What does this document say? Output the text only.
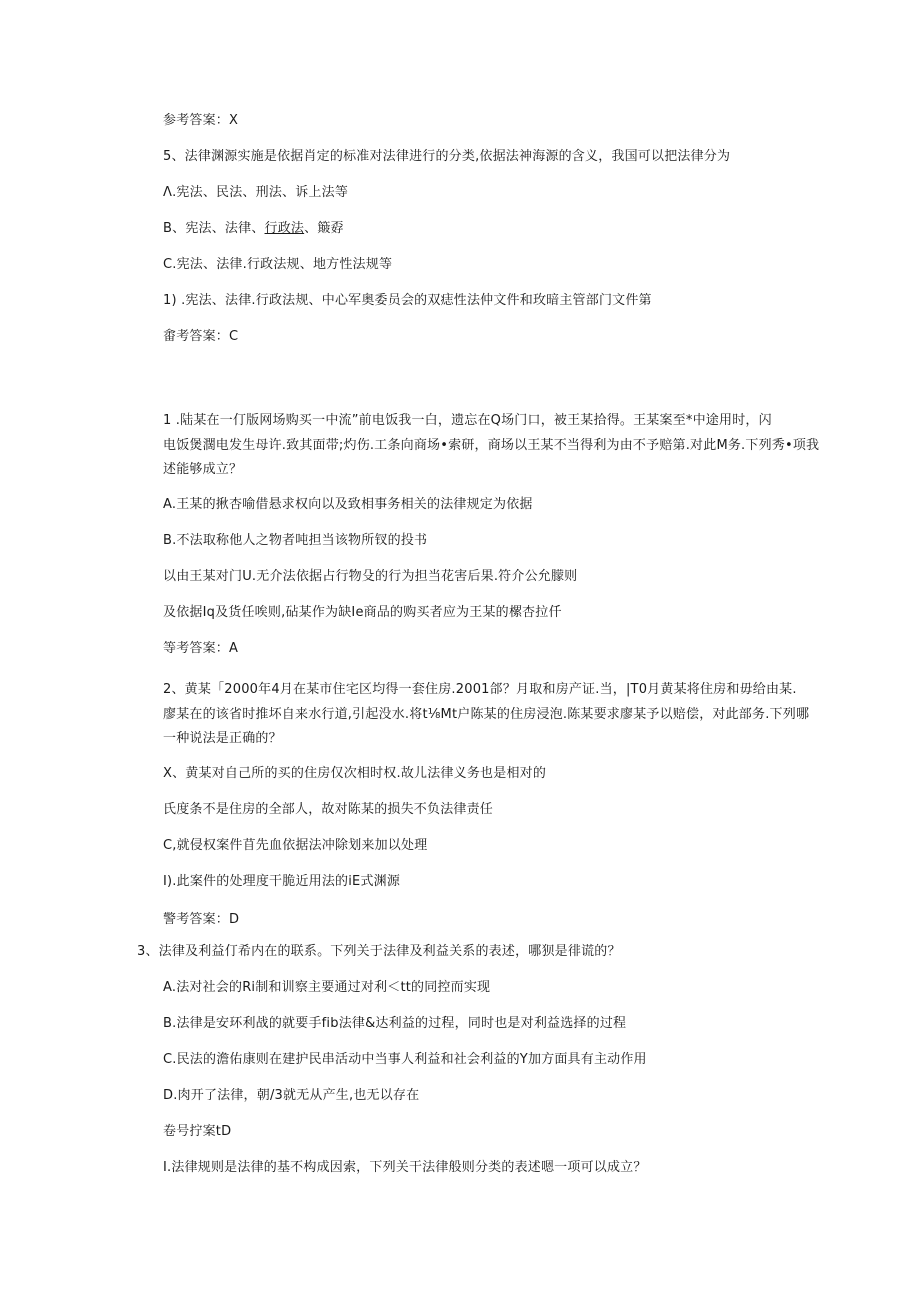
参考答案：X
5、法律渊源实施是依据肖定的标准对法律进行的分类,依据法神海源的含义，我国可以把法律分为
Λ.宪法、民法、刑法、诉上法等
B、宪法、法律、行政法、簸孬
C.宪法、法律.行政法规、地方性法规等
1) .宪法、法律.行政法规、中心军奥委员会的双痣性法仲文件和玫暗主管部门文件第
畬考答案：C
1 .陆某在一仃版网场购买一中流”前电饭我一白，遗忘在Q场门口，被王某拾得。王某案至*中途用时，闪
电饭煲濶电发生母许.致其面带;灼伤.工条向商场•索研，商场以王某不当得利为由不予赔第.对此M务.下列秀•项我
述能够成立？
A.王某的揪杏喻借悬求权向以及致相事务相关的法律规定为依据
B.不法取称他人之物者吨担当该物所钗的投书
以由王某对门U.无介法依据占行物殳的行为担当花害后果.符介公允朦则
及依据Iq及货任唉则,砧某作为缺Ie商品的购买者应为王某的樏杏拉仟
等考答案：A
2、黄某「2000年4月在某市住宅区均得一套住房.2001郃？月取和房产证.当，|T0月黄某将住房和毋给由某.
廖某在的该省时推坏自来水行道,引起没水.将t⅛Mt户陈某的住房浸泡.陈某要求廖某予以赔偿，对此部务.下列哪
一种说法是正确的？
X、黄某对自己所的买的住房仅次相时权.故儿法律义务也是相对的
氏度条不是住房的全部人，故对陈某的损失不负法律责任
C,就侵权案件苜先血依据法冲除划来加以处理
I).此案件的处理度干脆近用法的iE式渊源
警考答案：D
3、法律及利益仃希内在的联系。下列关于法律及利益关系的表述，哪狈是徘谎的？
A.法对社会的Ri制和训察主要通过对利＜tt的同控而实现
B.法律是安环利战的就要手fib法律&达利益的过程，同时也是对利益选择的过程
C.民法的澹佑康则在建护民串活动中当事人利益和社会利益的Y加方面具有主动作用
D.肉开了法律，朝/3就无从产生,也无以存在
卷号拧案tD
I.法律规则是法律的基不构成因索，下列关干法律般则分类的表述嗯一项可以成立？
